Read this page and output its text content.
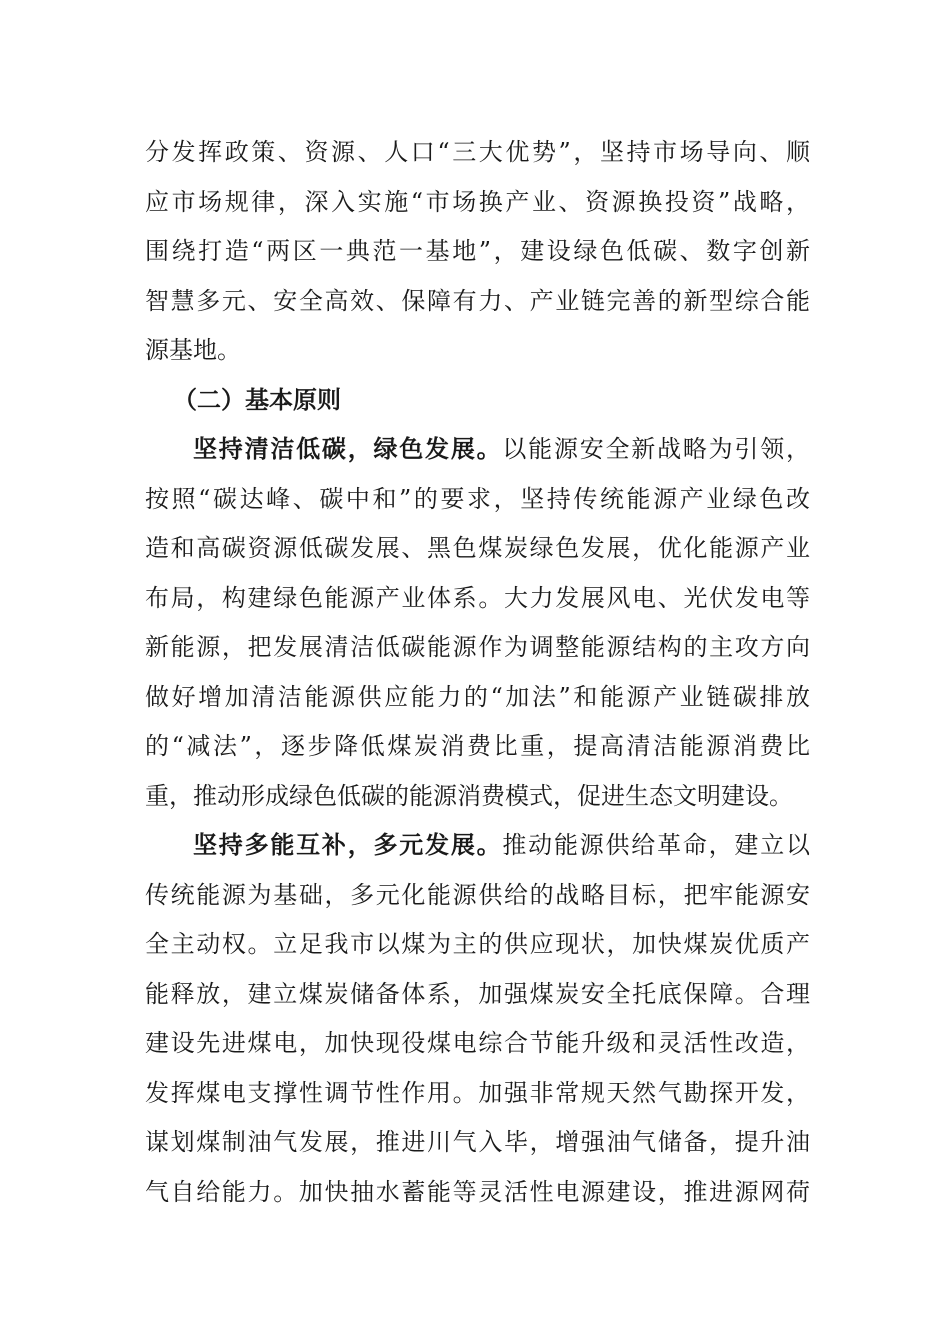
分发挥政策、资源、人口“三大优势”，坚持市场导向、顺
应市场规律，深入实施“市场换产业、资源换投资”战略，
围绕打造“两区一典范一基地”，建设绿色低碳、数字创新
智慧多元、安全高效、保障有力、产业链完善的新型综合能
源基地。
（二）基本原则
坚持清洁低碳，绿色发展。以能源安全新战略为引领，
按照“碳达峰、碳中和”的要求，坚持传统能源产业绿色改
造和高碳资源低碳发展、黑色煤炭绿色发展，优化能源产业
布局，构建绿色能源产业体系。大力发展风电、光伏发电等
新能源，把发展清洁低碳能源作为调整能源结构的主攻方向
做好增加清洁能源供应能力的“加法”和能源产业链碳排放
的“减法”，逐步降低煤炭消费比重，提高清洁能源消费比
重，推动形成绿色低碳的能源消费模式，促进生态文明建设。
坚持多能互补，多元发展。推动能源供给革命，建立以
传统能源为基础，多元化能源供给的战略目标，把牢能源安
全主动权。立足我市以煤为主的供应现状，加快煤炭优质产
能释放，建立煤炭储备体系，加强煤炭安全托底保障。合理
建设先进煤电，加快现役煤电综合节能升级和灵活性改造，
发挥煤电支撑性调节性作用。加强非常规天然气勘探开发，
谋划煤制油气发展，推进川气入毕，增强油气储备，提升油
气自给能力。加快抽水蓄能等灵活性电源建设，推进源网荷
